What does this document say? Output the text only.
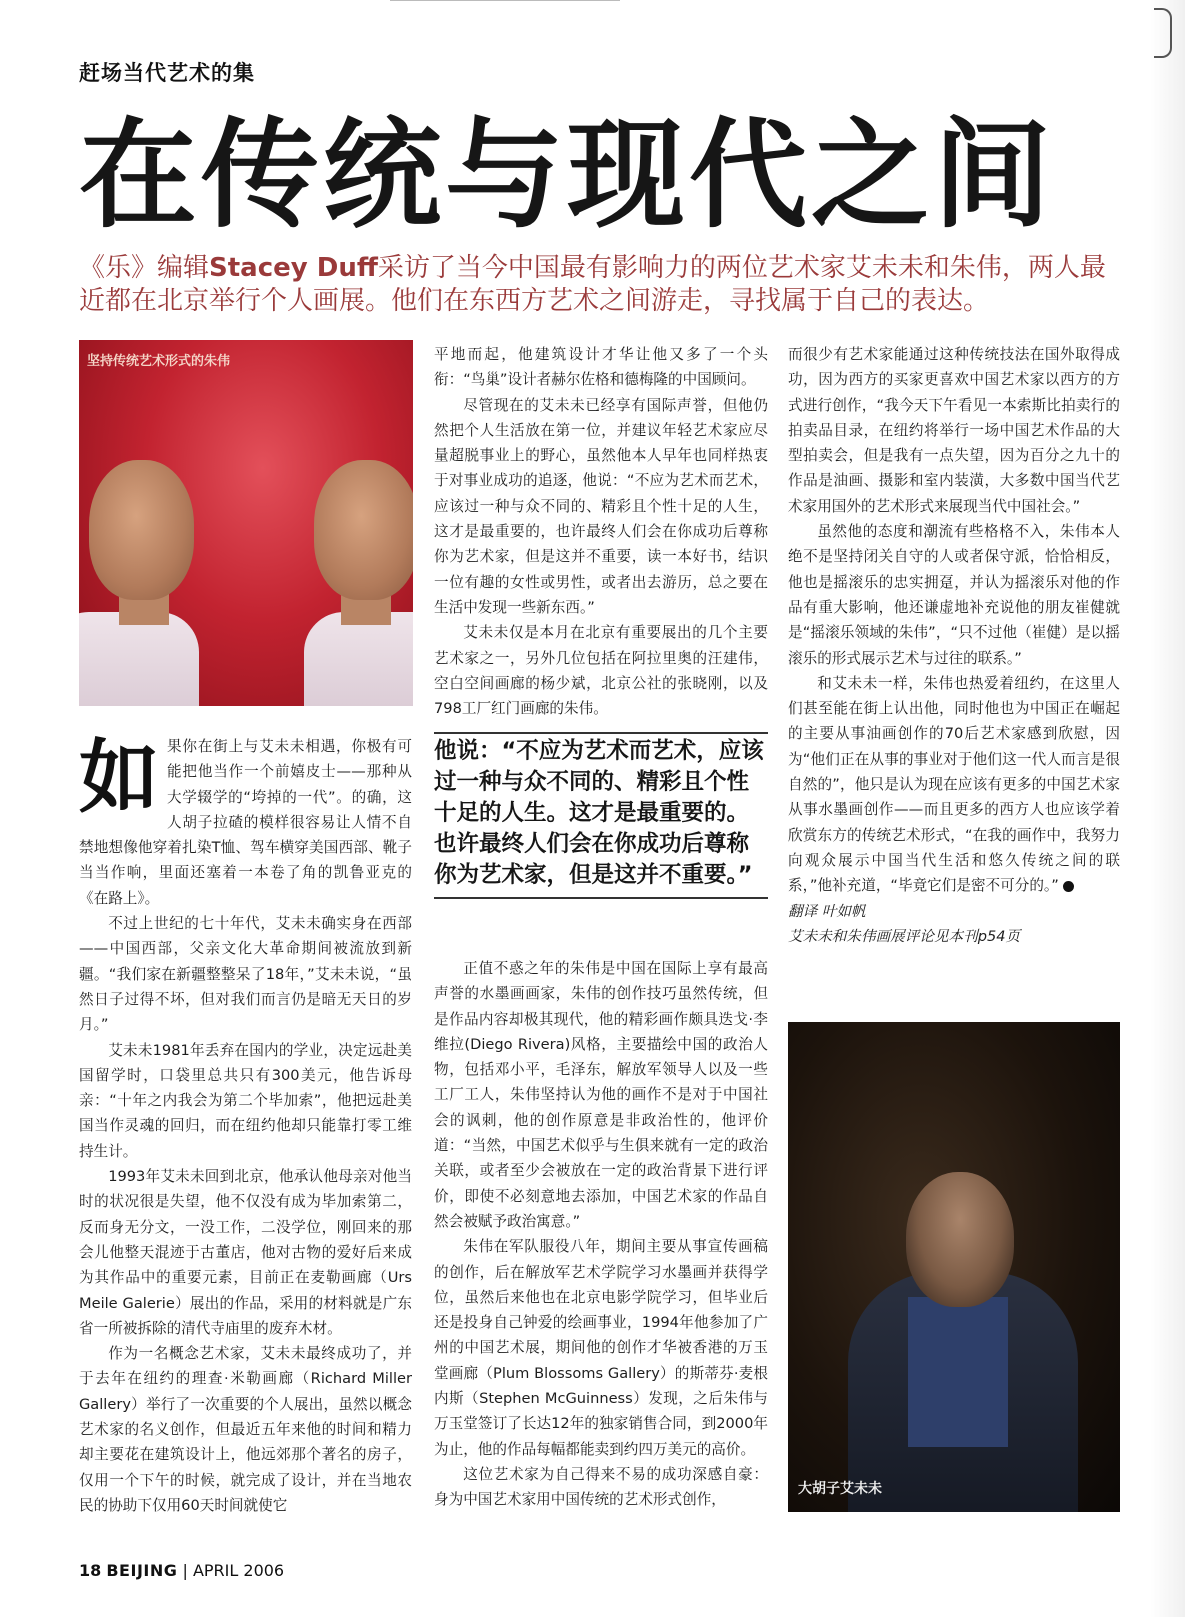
赶场当代艺术的集
在传统与现代之间
《乐》编辑Stacey Duff采访了当今中国最有影响力的两位艺术家艾未未和朱伟，两人最近都在北京举行个人画展。他们在东西方艺术之间游走，寻找属于自己的表达。
坚持传统艺术形式的朱伟

如果你在街上与艾未未相遇，你极有可能把他当作一个前嬉皮士——那种从大学辍学的“垮掉的一代”。的确，这人胡子拉碴的模样很容易让人情不自禁地想像他穿着扎染T恤、驾车横穿美国西部、靴子当当作响，里面还塞着一本卷了角的凯鲁亚克的《在路上》。

不过上世纪的七十年代，艾未未确实身在西部——中国西部，父亲文化大革命期间被流放到新疆。“我们家在新疆整整呆了18年，”艾未未说，“虽然日子过得不坏，但对我们而言仍是暗无天日的岁月。”

艾未未1981年丢弃在国内的学业，决定远赴美国留学时，口袋里总共只有300美元，他告诉母亲：“十年之内我会为第二个毕加索”，他把远赴美国当作灵魂的回归，而在纽约他却只能靠打零工维持生计。

1993年艾未未回到北京，他承认他母亲对他当时的状况很是失望，他不仅没有成为毕加索第二，反而身无分文，一没工作，二没学位，刚回来的那会儿他整天混迹于古董店，他对古物的爱好后来成为其作品中的重要元素，目前正在麦勒画廊（Urs Meile Galerie）展出的作品，采用的材料就是广东省一所被拆除的清代寺庙里的废弃木材。

作为一名概念艺术家，艾未未最终成功了，并于去年在纽约的理查·米勒画廊（Richard Miller Gallery）举行了一次重要的个人展出，虽然以概念艺术家的名义创作，但最近五年来他的时间和精力却主要花在建筑设计上，他远郊那个著名的房子，仅用一个下午的时候，就完成了设计，并在当地农民的协助下仅用60天时间就使它

平地而起，他建筑设计才华让他又多了一个头衔：“鸟巢”设计者赫尔佐格和德梅隆的中国顾问。

尽管现在的艾未未已经享有国际声誉，但他仍然把个人生活放在第一位，并建议年轻艺术家应尽量超脱事业上的野心，虽然他本人早年也同样热衷于对事业成功的追逐，他说：“不应为艺术而艺术，应该过一种与众不同的、精彩且个性十足的人生，这才是最重要的，也许最终人们会在你成功后尊称你为艺术家，但是这并不重要，读一本好书，结识一位有趣的女性或男性，或者出去游历，总之要在生活中发现一些新东西。”

艾未未仅是本月在北京有重要展出的几个主要艺术家之一，另外几位包括在阿拉里奥的汪建伟，空白空间画廊的杨少斌，北京公社的张晓刚，以及798工厂红门画廊的朱伟。

他说：“不应为艺术而艺术，应该过一种与众不同的、精彩且个性十足的人生。这才是最重要的。也许最终人们会在你成功后尊称你为艺术家，但是这并不重要。”

正值不惑之年的朱伟是中国在国际上享有最高声誉的水墨画画家，朱伟的创作技巧虽然传统，但是作品内容却极其现代，他的精彩画作颇具迭戈·李维拉(Diego Rivera)风格，主要描绘中国的政治人物，包括邓小平，毛泽东，解放军领导人以及一些工厂工人，朱伟坚持认为他的画作不是对于中国社会的讽刺，他的创作原意是非政治性的，他评价道：“当然，中国艺术似乎与生俱来就有一定的政治关联，或者至少会被放在一定的政治背景下进行评价，即使不必刻意地去添加，中国艺术家的作品自然会被赋予政治寓意。”

朱伟在军队服役八年，期间主要从事宣传画稿的创作，后在解放军艺术学院学习水墨画并获得学位，虽然后来他也在北京电影学院学习，但毕业后还是投身自己钟爱的绘画事业，1994年他参加了广州的中国艺术展，期间他的创作才华被香港的万玉堂画廊（Plum Blossoms Gallery）的斯蒂芬·麦根内斯（Stephen McGuinness）发现，之后朱伟与万玉堂签订了长达12年的独家销售合同，到2000年为止，他的作品每幅都能卖到约四万美元的高价。

这位艺术家为自己得来不易的成功深感自豪：身为中国艺术家用中国传统的艺术形式创作，

而很少有艺术家能通过这种传统技法在国外取得成功，因为西方的买家更喜欢中国艺术家以西方的方式进行创作，“我今天下午看见一本索斯比拍卖行的拍卖品目录，在纽约将举行一场中国艺术作品的大型拍卖会，但是我有一点失望，因为百分之九十的作品是油画、摄影和室内装潢，大多数中国当代艺术家用国外的艺术形式来展现当代中国社会。”

虽然他的态度和潮流有些格格不入，朱伟本人绝不是坚持闭关自守的人或者保守派，恰恰相反，他也是摇滚乐的忠实拥趸，并认为摇滚乐对他的作品有重大影响，他还谦虚地补充说他的朋友崔健就是“摇滚乐领域的朱伟”，“只不过他（崔健）是以摇滚乐的形式展示艺术与过往的联系。”

和艾未未一样，朱伟也热爱着纽约，在这里人们甚至能在街上认出他，同时他也为中国正在崛起的主要从事油画创作的70后艺术家感到欣慰，因为“他们正在从事的事业对于他们这一代人而言是很自然的”，他只是认为现在应该有更多的中国艺术家从事水墨画创作——而且更多的西方人也应该学着欣赏东方的传统艺术形式，“在我的画作中，我努力向观众展示中国当代生活和悠久传统之间的联系，”他补充道，“毕竟它们是密不可分的。”

翻译 叶如帆

艾未未和朱伟画展评论见本刊p54页

大胡子艾未未
18 BEIJING | APRIL 2006
